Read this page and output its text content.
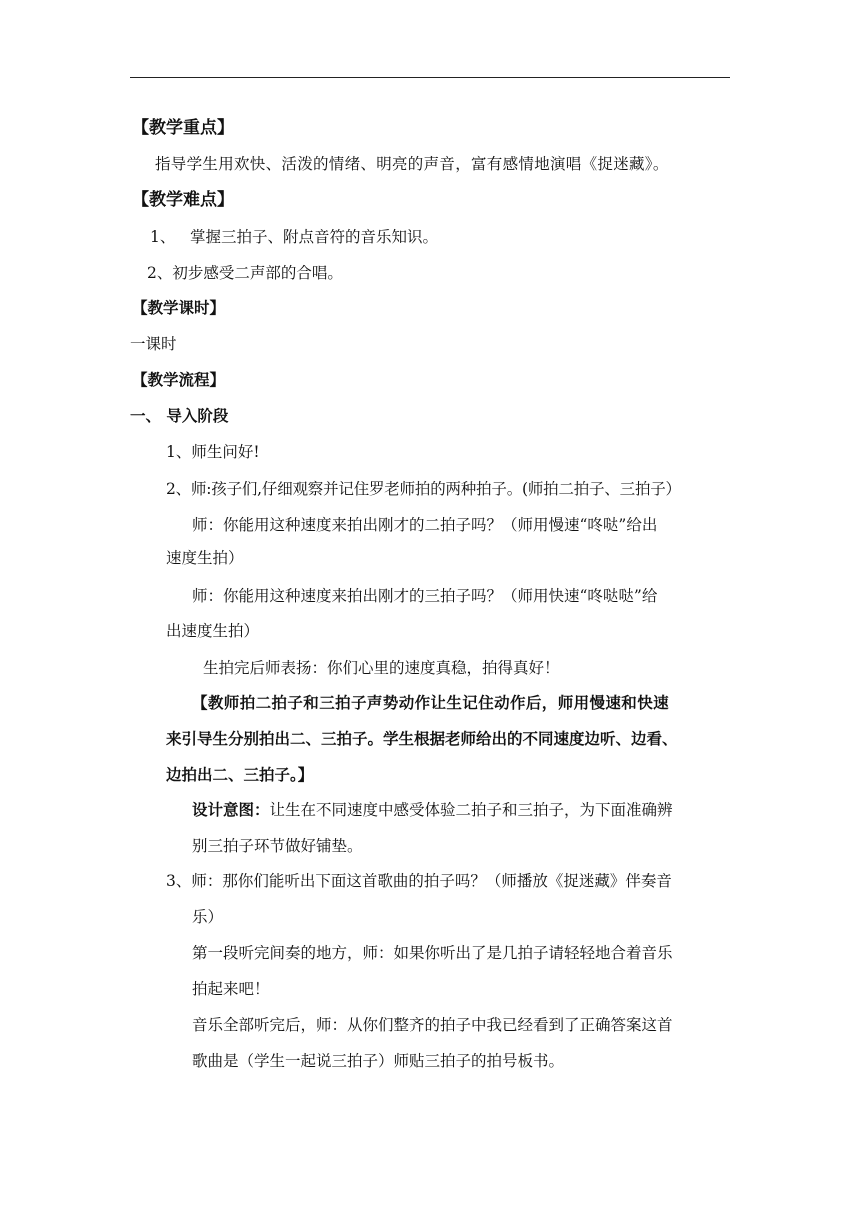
【教学重点】
指导学生用欢快、活泼的情绪、明亮的声音，富有感情地演唱《捉迷藏》。
【教学难点】
1、 掌握三拍子、附点音符的音乐知识。
2、初步感受二声部的合唱。
【教学课时】
一课时
【教学流程】
一、 导入阶段
1、师生问好!
2、师:孩子们,仔细观察并记住罗老师拍的两种拍子。(师拍二拍子、三拍子）
师：你能用这种速度来拍出刚才的二拍子吗？（师用慢速“咚哒”给出
速度生拍）
师：你能用这种速度来拍出刚才的三拍子吗？（师用快速“咚哒哒”给
出速度生拍）
生拍完后师表扬：你们心里的速度真稳，拍得真好！
【教师拍二拍子和三拍子声势动作让生记住动作后，师用慢速和快速
来引导生分别拍出二、三拍子。学生根据老师给出的不同速度边听、边看、
边拍出二、三拍子。】
设计意图：让生在不同速度中感受体验二拍子和三拍子，为下面准确辨
别三拍子环节做好铺垫。
3、师：那你们能听出下面这首歌曲的拍子吗？（师播放《捉迷藏》伴奏音
乐）
第一段听完间奏的地方，师：如果你听出了是几拍子请轻轻地合着音乐
拍起来吧！
音乐全部听完后，师：从你们整齐的拍子中我已经看到了正确答案这首
歌曲是（学生一起说三拍子）师贴三拍子的拍号板书。
